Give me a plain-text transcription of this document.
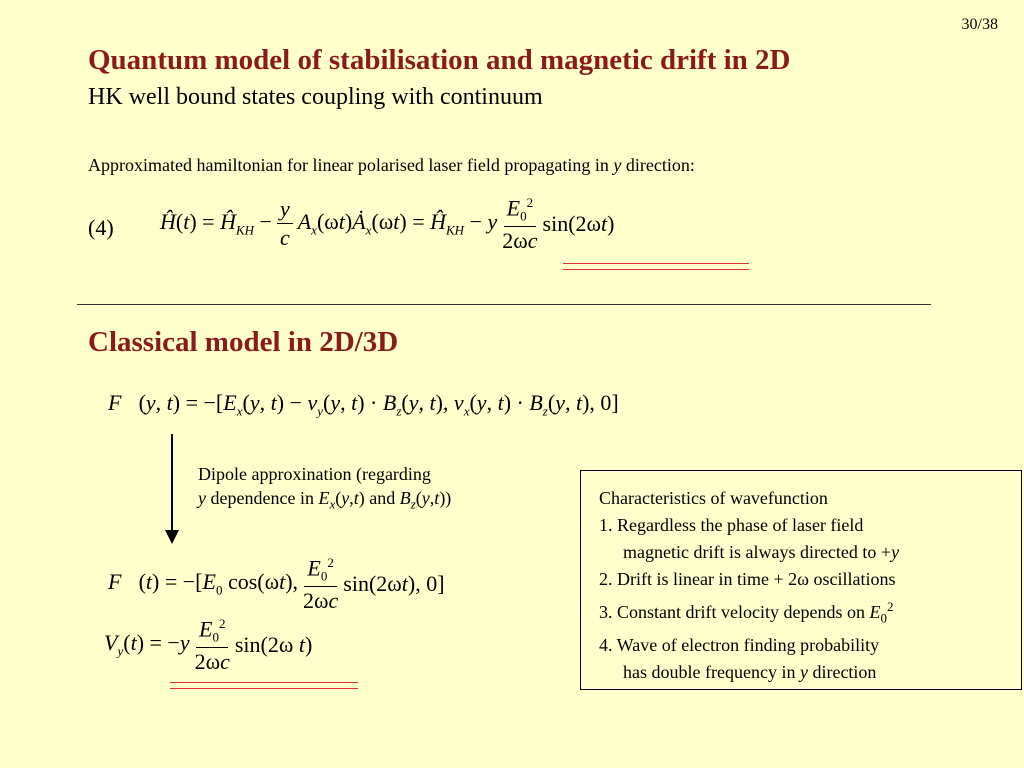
30/38
Quantum model of stabilisation and magnetic drift in 2D
HK well bound states coupling with continuum
Approximated hamiltonian for linear polarised laser field propagating in y direction:
(4) Ĥ(t) = $Ĥ_{KH} - \frac{y}{c}$ $A_x(\omega t)Ȧ_x(\omega t)$ = $Ĥ_{KH} - y \frac{E_0^2}{2\omega c} \sin(2\omega t)$
Classical model in 2D/3D
F⃗(y, $t) = -[E_x(y$, $t) - v_y(y$, $t) \cdot B_z(y$, t), $v_x(y$, $t) \cdot B_z(y$, t), 0]
Dipole approxination (regarding
y dependence in $E_x(y,t)$ and $B_z(y,t)$)
F⃗(t) = $-[E_0$ cos(ωt), $\frac{E_0^2}{2\omega c} \sin(2\omega t)$, 0]
$V_y(t) = -y \frac{E_0^2}{2\omega c} \sin(2\omega$ t)
Characteristics of wavefunction
1. Regardless the phase of laser field
magnetic drift is always directed to +y
2. Drift is linear in time + 2ω oscillations
3. Constant drift velocity depends on $E_0^2$
4. Wave of electron finding probability
has double frequency in y direction
